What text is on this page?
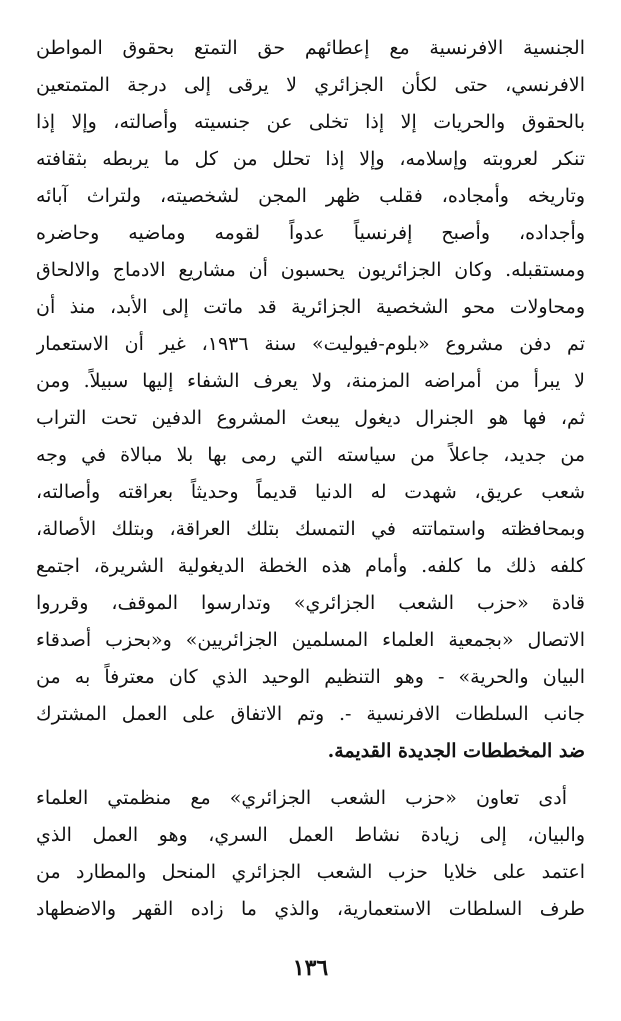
الجنسية الافرنسية مع إعطائهم حق التمتع بحقوق المواطن
الافرنسي، حتى لكأن الجزائري لا يرقى إلى درجة المتمتعين
بالحقوق والحريات إلا إذا تخلى عن جنسيته وأصالته، وإلا إذا
تنكر لعروبته وإسلامه، وإلا إذا تحلل من كل ما يربطه بثقافته
وتاريخه وأمجاده، فقلب ظهر المجن لشخصيته، ولتراث آبائه
وأجداده، وأصبح إفرنسياً عدواً لقومه وماضيه وحاضره
ومستقبله. وكان الجزائريون يحسبون أن مشاريع الادماج والالحاق
ومحاولات محو الشخصية الجزائرية قد ماتت إلى الأبد، منذ أن
تم دفن مشروع «بلوم-فيوليت» سنة ١٩٣٦، غير أن الاستعمار
لا يبرأ من أمراضه المزمنة، ولا يعرف الشفاء إليها سبيلاً. ومن
ثم، فها هو الجنرال ديغول يبعث المشروع الدفين تحت التراب
من جديد، جاعلاً من سياسته التي رمى بها بلا مبالاة في وجه
شعب عريق، شهدت له الدنيا قديماً وحديثاً بعراقته وأصالته،
وبمحافظته واستماتته في التمسك بتلك العراقة، وبتلك الأصالة،
كلفه ذلك ما كلفه. وأمام هذه الخطة الديغولية الشريرة، اجتمع
قادة «حزب الشعب الجزائري» وتدارسوا الموقف، وقرروا
الاتصال «بجمعية العلماء المسلمين الجزائريين» و«بحزب أصدقاء
البيان والحرية» - وهو التنظيم الوحيد الذي كان معترفاً به من
جانب السلطات الافرنسية -. وتم الاتفاق على العمل المشترك
ضد المخططات الجديدة القديمة.
أدى تعاون «حزب الشعب الجزائري» مع منظمتي العلماء
والبيان، إلى زيادة نشاط العمل السري، وهو العمل الذي
اعتمد على خلايا حزب الشعب الجزائري المنحل والمطارد من
طرف السلطات الاستعمارية، والذي ما زاده القهر والاضطهاد
١٣٦
